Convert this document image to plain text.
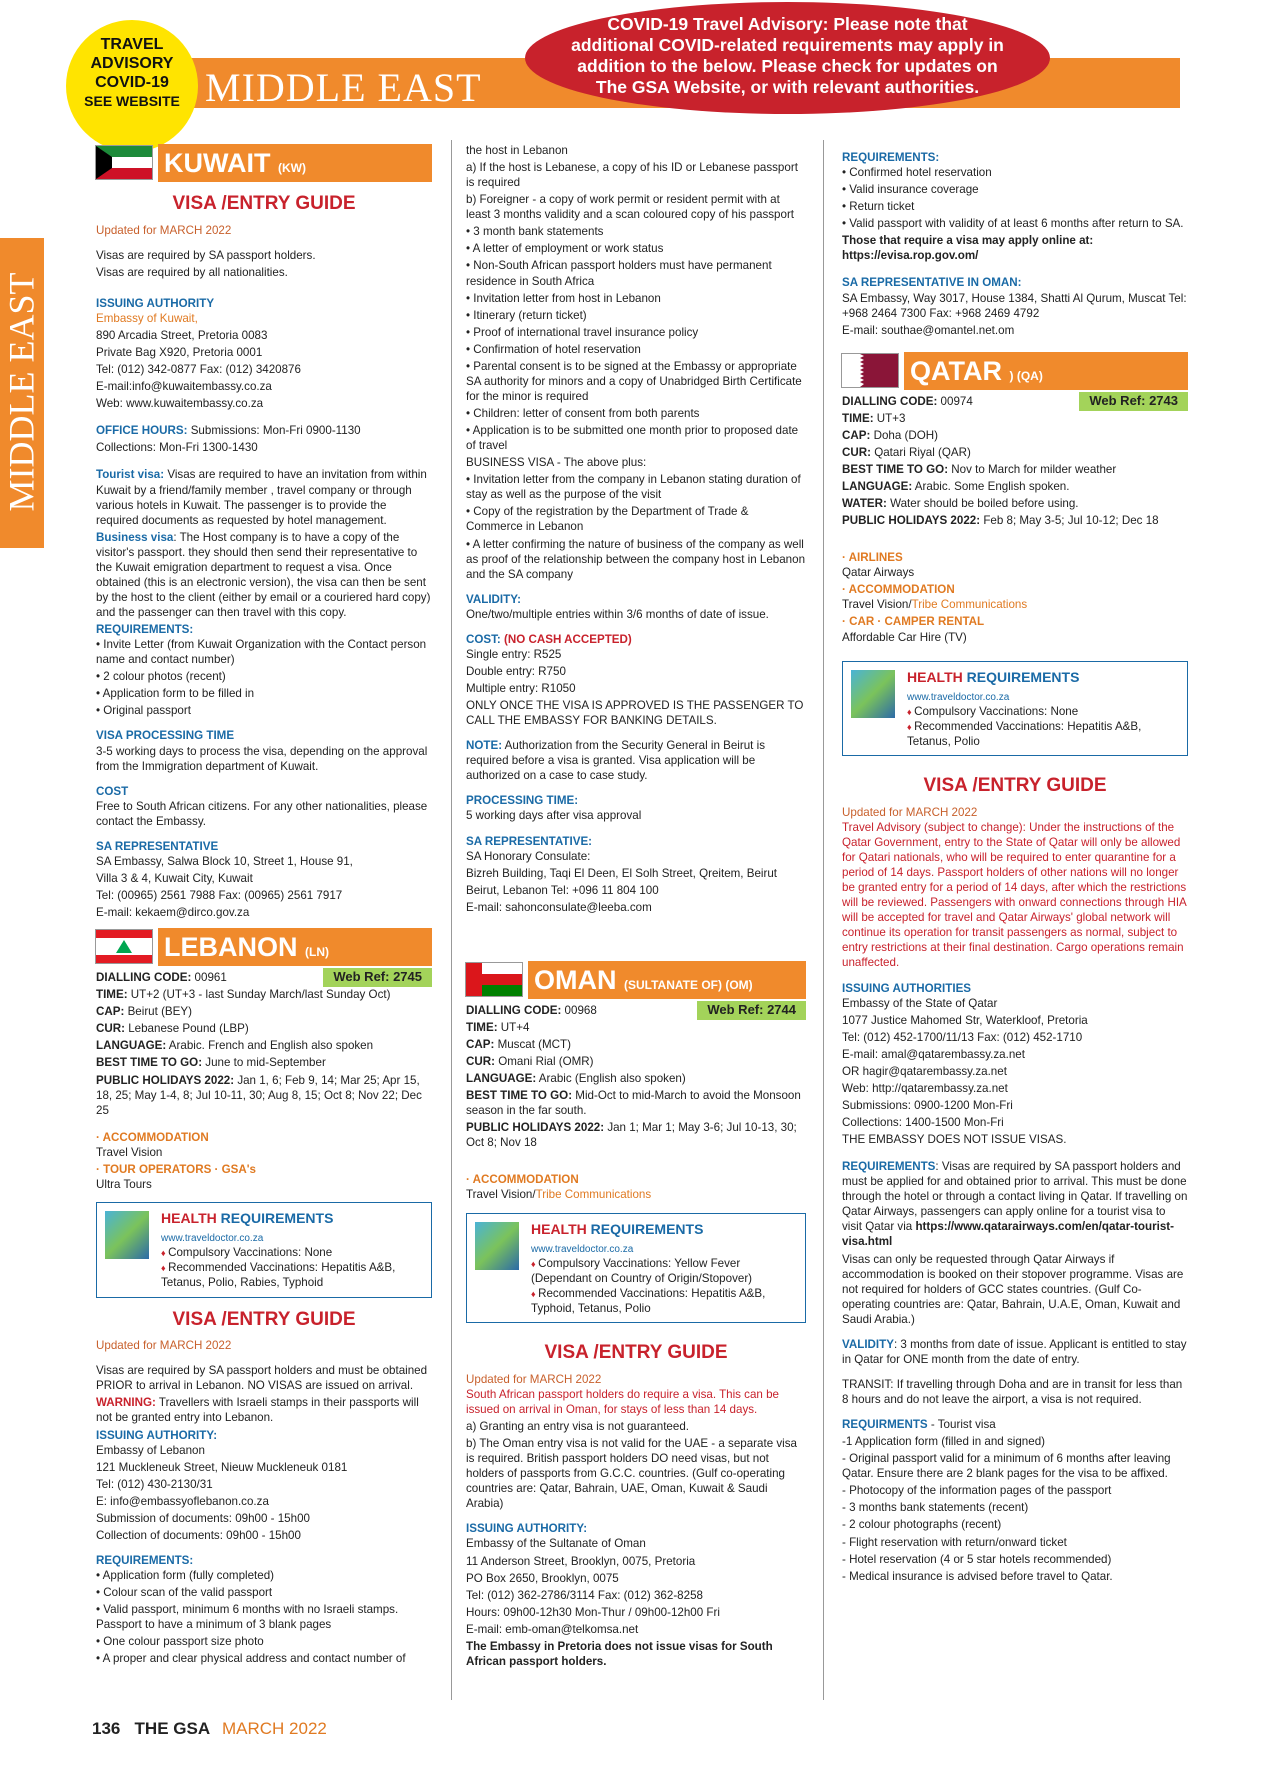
MIDDLE EAST
TRAVEL
ADVISORY
COVID-19
SEE WEBSITE
COVID-19 Travel Advisory: Please note that additional COVID-related requirements may apply in addition to the below. Please check for updates on The GSA Website, or with relevant authorities.
MIDDLE EAST
KUWAIT (KW)
VISA /ENTRY GUIDE
Updated for MARCH 2022
Visas are required by SA passport holders.
Visas are required by all nationalities.
ISSUING AUTHORITY
Embassy of Kuwait,
890 Arcadia Street, Pretoria 0083
Private Bag X920, Pretoria 0001
Tel: (012) 342-0877 Fax: (012) 3420876
E-mail:info@kuwaitembassy.co.za
Web: www.kuwaitembassy.co.za
OFFICE HOURS: Submissions: Mon-Fri 0900-1130
Collections: Mon-Fri 1300-1430
Tourist visa: Visas are required to have an invitation from within Kuwait by a friend/family member , travel company or through various hotels in Kuwait. The passenger is to provide the required documents as requested by hotel management.
Business visa: The Host company is to have a copy of the visitor's passport. they should then send their representative to the Kuwait emigration department to request a visa. Once obtained (this is an electronic version), the visa can then be sent by the host to the client (either by email or a couriered hard copy) and the passenger can then travel with this copy.
REQUIREMENTS:
• Invite Letter (from Kuwait Organization with the Contact person name and contact number)
• 2 colour photos (recent)
• Application form to be filled in
• Original passport
VISA PROCESSING TIME
3-5 working days to process the visa, depending on the approval from the Immigration department of Kuwait.
COST
Free to South African citizens. For any other nationalities, please contact the Embassy.
SA REPRESENTATIVE
SA Embassy, Salwa Block 10, Street 1, House 91,
Villa 3 & 4, Kuwait City, Kuwait
Tel: (00965) 2561 7988 Fax: (00965) 2561 7917
E-mail: kekaem@dirco.gov.za
LEBANON (LN)
Web Ref: 2745
DIALLING CODE: 00961
TIME: UT+2 (UT+3 - last Sunday March/last Sunday Oct)
CAP: Beirut (BEY)
CUR: Lebanese Pound (LBP)
LANGUAGE: Arabic. French and English also spoken
BEST TIME TO GO: June to mid-September
PUBLIC HOLIDAYS 2022: Jan 1, 6; Feb 9, 14; Mar 25; Apr 15, 18, 25; May 1-4, 8; Jul 10-11, 30; Aug 8, 15; Oct 8; Nov 22; Dec 25
· ACCOMMODATION
Travel Vision
· TOUR OPERATORS · GSA's
Ultra Tours
HEALTH REQUIREMENTS www.traveldoctor.co.za
♦ Compulsory Vaccinations: None
♦ Recommended Vaccinations: Hepatitis A&B, Tetanus, Polio, Rabies, Typhoid
VISA /ENTRY GUIDE
Updated for MARCH 2022
Visas are required by SA passport holders and must be obtained PRIOR to arrival in Lebanon. NO VISAS are issued on arrival.
WARNING: Travellers with Israeli stamps in their passports will not be granted entry into Lebanon.
ISSUING AUTHORITY:
Embassy of Lebanon
121 Muckleneuk Street, Nieuw Muckleneuk 0181
Tel: (012) 430-2130/31
E: info@embassyoflebanon.co.za
Submission of documents: 09h00 - 15h00
Collection of documents: 09h00 - 15h00
REQUIREMENTS:
• Application form (fully completed)
• Colour scan of the valid passport
• Valid passport, minimum 6 months with no Israeli stamps. Passport to have a minimum of 3 blank pages
• One colour passport size photo
• A proper and clear physical address and contact number of
the host in Lebanon
a) If the host is Lebanese, a copy of his ID or Lebanese passport is required
b) Foreigner - a copy of work permit or resident permit with at least 3 months validity and a scan coloured copy of his passport
• 3 month bank statements
• A letter of employment or work status
• Non-South African passport holders must have permanent residence in South Africa
• Invitation letter from host in Lebanon
• Itinerary (return ticket)
• Proof of international travel insurance policy
• Confirmation of hotel reservation
• Parental consent is to be signed at the Embassy or appropriate SA authority for minors and a copy of Unabridged Birth Certificate for the minor is required
• Children: letter of consent from both parents
• Application is to be submitted one month prior to proposed date of travel
BUSINESS VISA - The above plus:
• Invitation letter from the company in Lebanon stating duration of stay as well as the purpose of the visit
• Copy of the registration by the Department of Trade & Commerce in Lebanon
• A letter confirming the nature of business of the company as well as proof of the relationship between the company host in Lebanon and the SA company
VALIDITY:
One/two/multiple entries within 3/6 months of date of issue.
COST: (NO CASH ACCEPTED)
Single entry: R525
Double entry: R750
Multiple entry: R1050
ONLY ONCE THE VISA IS APPROVED IS THE PASSENGER TO CALL THE EMBASSY FOR BANKING DETAILS.
NOTE: Authorization from the Security General in Beirut is required before a visa is granted. Visa application will be authorized on a case to case study.
PROCESSING TIME:
5 working days after visa approval
SA REPRESENTATIVE:
SA Honorary Consulate:
Bizreh Building, Taqi El Deen, El Solh Street, Qreitem, Beirut
Beirut, Lebanon Tel: +096 11 804 100
E-mail: sahonconsulate@leeba.com
OMAN (SULTANATE OF) (OM)
Web Ref: 2744
DIALLING CODE: 00968
TIME: UT+4
CAP: Muscat (MCT)
CUR: Omani Rial (OMR)
LANGUAGE: Arabic (English also spoken)
BEST TIME TO GO: Mid-Oct to mid-March to avoid the Monsoon season in the far south.
PUBLIC HOLIDAYS 2022: Jan 1; Mar 1; May 3-6; Jul 10-13, 30; Oct 8; Nov 18
· ACCOMMODATION
Travel Vision/Tribe Communications
HEALTH REQUIREMENTS www.traveldoctor.co.za
♦ Compulsory Vaccinations: Yellow Fever (Dependant on Country of Origin/Stopover)
♦ Recommended Vaccinations: Hepatitis A&B, Typhoid, Tetanus, Polio
VISA /ENTRY GUIDE
Updated for MARCH 2022
South African passport holders do require a visa. This can be issued on arrival in Oman, for stays of less than 14 days.
a) Granting an entry visa is not guaranteed.
b) The Oman entry visa is not valid for the UAE - a separate visa is required. British passport holders DO need visas, but not holders of passports from G.C.C. countries. (Gulf co-operating countries are: Qatar, Bahrain, UAE, Oman, Kuwait & Saudi Arabia)
ISSUING AUTHORITY:
Embassy of the Sultanate of Oman
11 Anderson Street, Brooklyn, 0075, Pretoria
PO Box 2650, Brooklyn, 0075
Tel: (012) 362-2786/3114 Fax: (012) 362-8258
Hours: 09h00-12h30 Mon-Thur / 09h00-12h00 Fri
E-mail: emb-oman@telkomsa.net
The Embassy in Pretoria does not issue visas for South African passport holders.
REQUIREMENTS:
• Confirmed hotel reservation
• Valid insurance coverage
• Return ticket
• Valid passport with validity of at least 6 months after return to SA.
Those that require a visa may apply online at: https://evisa.rop.gov.om/
SA REPRESENTATIVE IN OMAN:
SA Embassy, Way 3017, House 1384, Shatti Al Qurum, Muscat Tel: +968 2464 7300 Fax: +968 2469 4792
E-mail: southae@omantel.net.om
QATAR ) (QA)
Web Ref: 2743
DIALLING CODE: 00974
TIME: UT+3
CAP: Doha (DOH)
CUR: Qatari Riyal (QAR)
BEST TIME TO GO: Nov to March for milder weather
LANGUAGE: Arabic. Some English spoken.
WATER: Water should be boiled before using.
PUBLIC HOLIDAYS 2022: Feb 8; May 3-5; Jul 10-12; Dec 18
· AIRLINES
Qatar Airways
· ACCOMMODATION
Travel Vision/Tribe Communications
· CAR · CAMPER RENTAL
Affordable Car Hire (TV)
HEALTH REQUIREMENTS www.traveldoctor.co.za
♦ Compulsory Vaccinations: None
♦ Recommended Vaccinations: Hepatitis A&B, Tetanus, Polio
VISA /ENTRY GUIDE
Updated for MARCH 2022
Travel Advisory (subject to change): Under the instructions of the Qatar Government, entry to the State of Qatar will only be allowed for Qatari nationals, who will be required to enter quarantine for a period of 14 days. Passport holders of other nations will no longer be granted entry for a period of 14 days, after which the restrictions will be reviewed. Passengers with onward connections through HIA will be accepted for travel and Qatar Airways' global network will continue its operation for transit passengers as normal, subject to entry restrictions at their final destination. Cargo operations remain unaffected.
ISSUING AUTHORITIES
Embassy of the State of Qatar
1077 Justice Mahomed Str, Waterkloof, Pretoria
Tel: (012) 452-1700/11/13 Fax: (012) 452-1710
E-mail: amal@qatarembassy.za.net
OR hagir@qatarembassy.za.net
Web: http://qatarembassy.za.net
Submissions: 0900-1200 Mon-Fri
Collections: 1400-1500 Mon-Fri
THE EMBASSY DOES NOT ISSUE VISAS.
REQUIREMENTS: Visas are required by SA passport holders and must be applied for and obtained prior to arrival. This must be done through the hotel or through a contact living in Qatar. If travelling on Qatar Airways, passengers can apply online for a tourist visa to visit Qatar via https://www.qatarairways.com/en/qatar-tourist-visa.html
Visas can only be requested through Qatar Airways if accommodation is booked on their stopover programme. Visas are not required for holders of GCC states countries. (Gulf Co-operating countries are: Qatar, Bahrain, U.A.E, Oman, Kuwait and Saudi Arabia.)
VALIDITY: 3 months from date of issue. Applicant is entitled to stay in Qatar for ONE month from the date of entry.
TRANSIT: If travelling through Doha and are in transit for less than 8 hours and do not leave the airport, a visa is not required.
REQUIRMENTS - Tourist visa
-1 Application form (filled in and signed)
- Original passport valid for a minimum of 6 months after leaving Qatar. Ensure there are 2 blank pages for the visa to be affixed.
- Photocopy of the information pages of the passport
- 3 months bank statements (recent)
- 2 colour photographs (recent)
- Flight reservation with return/onward ticket
- Hotel reservation (4 or 5 star hotels recommended)
- Medical insurance is advised before travel to Qatar.
136 THE GSA MARCH 2022
